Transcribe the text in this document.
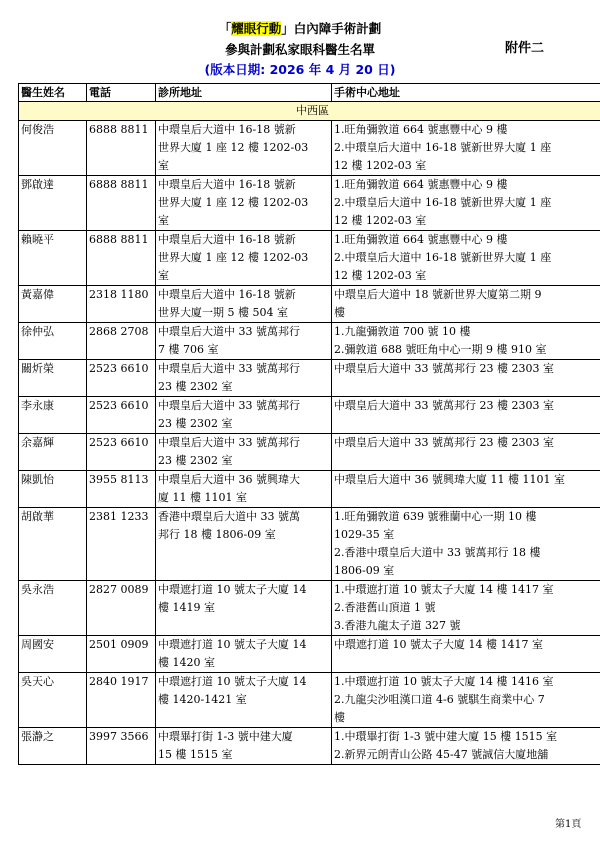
「耀眼行動」白內障手術計劃
參與計劃私家眼科醫生名單
(版本日期: 2026 年 4 月 20 日)
附件二
醫生姓名	電話	診所地址	手術中心地址
中西區			
何俊浩	6888 8811	中環皇后大道中 16-18 號新
世界大廈 1 座 12 樓 1202-03
室	1.旺角彌敦道 664 號惠豐中心 9 樓
2.中環皇后大道中 16-18 號新世界大廈 1 座
12 樓 1202-03 室

鄧啟達	6888 8811	中環皇后大道中 16-18 號新
世界大廈 1 座 12 樓 1202-03
室	1.旺角彌敦道 664 號惠豐中心 9 樓
2.中環皇后大道中 16-18 號新世界大廈 1 座
12 樓 1202-03 室

賴曉平	6888 8811	中環皇后大道中 16-18 號新
世界大廈 1 座 12 樓 1202-03
室	1.旺角彌敦道 664 號惠豐中心 9 樓
2.中環皇后大道中 16-18 號新世界大廈 1 座
12 樓 1202-03 室

黃嘉偉	2318 1180	中環皇后大道中 16-18 號新
世界大廈一期 5 樓 504 室	中環皇后大道中 18 號新世界大廈第二期 9
樓

徐仲弘	2868 2708	中環皇后大道中 33 號萬邦行
7 樓 706 室	1.九龍彌敦道 700 號 10 樓
2.彌敦道 688 號旺角中心一期 9 樓 910 室

關炘榮	2523 6610	中環皇后大道中 33 號萬邦行
23 樓 2302 室	中環皇后大道中 33 號萬邦行 23 樓 2303 室

李永康	2523 6610	中環皇后大道中 33 號萬邦行
23 樓 2302 室	中環皇后大道中 33 號萬邦行 23 樓 2303 室

余嘉輝	2523 6610	中環皇后大道中 33 號萬邦行
23 樓 2302 室	中環皇后大道中 33 號萬邦行 23 樓 2303 室

陳凱怡	3955 8113	中環皇后大道中 36 號興瑋大
廈 11 樓 1101 室	中環皇后大道中 36 號興瑋大廈 11 樓 1101 室

胡啟華	2381 1233	香港中環皇后大道中 33 號萬
邦行 18 樓 1806-09 室	1.旺角彌敦道 639 號雅蘭中心一期 10 樓
1029-35 室
2.香港中環皇后大道中 33 號萬邦行 18 樓
1806-09 室

吳永浩	2827 0089	中環遮打道 10 號太子大廈 14
樓 1419 室	1.中環遮打道 10 號太子大廈 14 樓 1417 室
2.香港舊山頂道 1 號
3.香港九龍太子道 327 號

周國安	2501 0909	中環遮打道 10 號太子大廈 14
樓 1420 室	中環遮打道 10 號太子大廈 14 樓 1417 室

吳天心	2840 1917	中環遮打道 10 號太子大廈 14
樓 1420-1421 室	1.中環遮打道 10 號太子大廈 14 樓 1416 室
2.九龍尖沙咀漢口道 4-6 號騏生商業中心 7
樓

張瀞之	3997 3566	中環畢打街 1-3 號中建大廈
15 樓 1515 室	1.中環畢打街 1-3 號中建大廈 15 樓 1515 室
2.新界元朗青山公路 45-47 號誠信大廈地舖
第1頁
